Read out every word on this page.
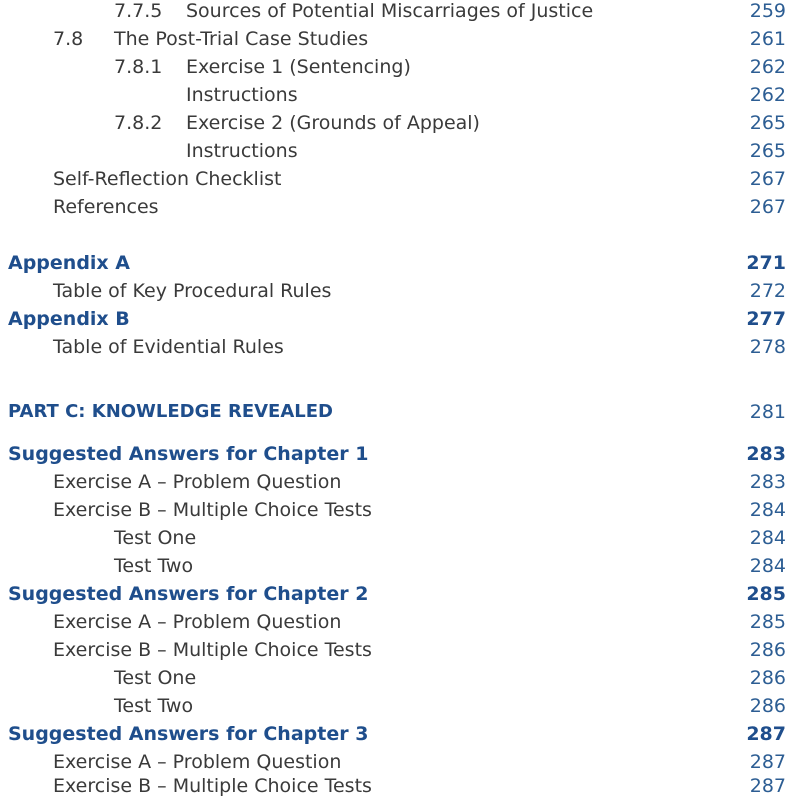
7.7.5 Sources of Potential Miscarriages of Justice	259
7.8 The Post-Trial Case Studies	261
7.8.1 Exercise 1 (Sentencing)	262
Instructions	262
7.8.2 Exercise 2 (Grounds of Appeal)	265
Instructions	265
Self-Reflection Checklist	267
References	267
Appendix A	271
Table of Key Procedural Rules	272
Appendix B	277
Table of Evidential Rules	278
PART C: KNOWLEDGE REVEALED	281
Suggested Answers for Chapter 1	283
Exercise A – Problem Question	283
Exercise B – Multiple Choice Tests	284
Test One	284
Test Two	284
Suggested Answers for Chapter 2	285
Exercise A – Problem Question	285
Exercise B – Multiple Choice Tests	286
Test One	286
Test Two	286
Suggested Answers for Chapter 3	287
Exercise A – Problem Question	287
Exercise B – Multiple Choice Tests	287
